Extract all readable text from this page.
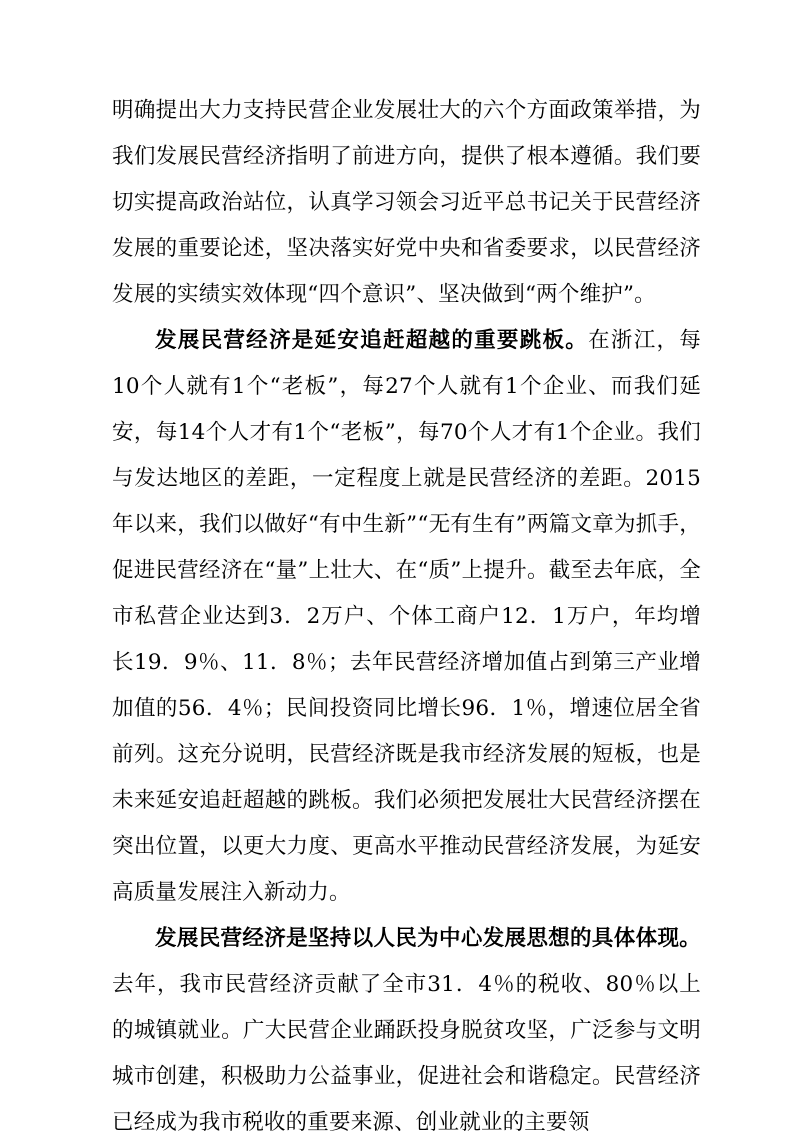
明确提出大力支持民营企业发展壮大的六个方面政策举措，为我们发展民营经济指明了前进方向，提供了根本遵循。我们要切实提高政治站位，认真学习领会习近平总书记关于民营经济发展的重要论述，坚决落实好党中央和省委要求，以民营经济发展的实绩实效体现“四个意识”、坚决做到“两个维护”。

发展民营经济是延安追赶超越的重要跳板。在浙江，每10个人就有1个“老板”，每27个人就有1个企业、而我们延安，每14个人才有1个“老板”，每70个人才有1个企业。我们与发达地区的差距，一定程度上就是民营经济的差距。2015年以来，我们以做好“有中生新”“无有生有”两篇文章为抓手，促进民营经济在“量”上壮大、在“质”上提升。截至去年底，全市私营企业达到3．2万户、个体工商户12．1万户，年均增长19．9％、11．8％；去年民营经济增加值占到第三产业增加值的56．4％；民间投资同比增长96．1％，增速位居全省前列。这充分说明，民营经济既是我市经济发展的短板，也是未来延安追赶超越的跳板。我们必须把发展壮大民营经济摆在突出位置，以更大力度、更高水平推动民营经济发展，为延安高质量发展注入新动力。

发展民营经济是坚持以人民为中心发展思想的具体体现。去年，我市民营经济贡献了全市31．4％的税收、80％以上的城镇就业。广大民营企业踊跃投身脱贫攻坚，广泛参与文明城市创建，积极助力公益事业，促进社会和谐稳定。民营经济已经成为我市税收的重要来源、创业就业的主要领
